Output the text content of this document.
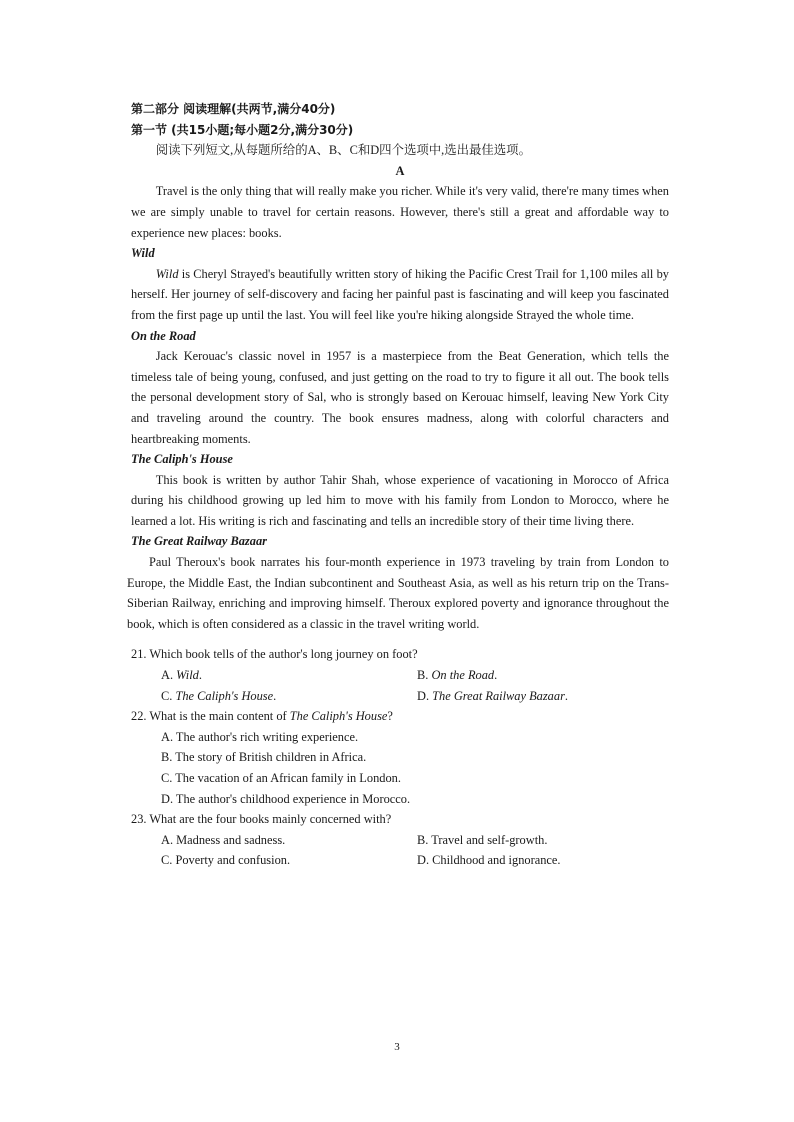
第二部分 阅读理解(共两节,满分40分)
第一节 (共15小题;每小题2分,满分30分)
阅读下列短文,从每题所给的A、B、C和D四个选项中,选出最佳选项。
A

Travel is the only thing that will really make you richer. While it's very valid, there're many times when we are simply unable to travel for certain reasons. However, there's still a great and affordable way to experience new places: books.

Wild

Wild is Cheryl Strayed's beautifully written story of hiking the Pacific Crest Trail for 1,100 miles all by herself. Her journey of self-discovery and facing her painful past is fascinating and will keep you fascinated from the first page up until the last. You will feel like you're hiking alongside Strayed the whole time.

On the Road

Jack Kerouac's classic novel in 1957 is a masterpiece from the Beat Generation, which tells the timeless tale of being young, confused, and just getting on the road to try to figure it all out. The book tells the personal development story of Sal, who is strongly based on Kerouac himself, leaving New York City and traveling around the country. The book ensures madness, along with colorful characters and heartbreaking moments.

The Caliph's House

This book is written by author Tahir Shah, whose experience of vacationing in Morocco of Africa during his childhood growing up led him to move with his family from London to Morocco, where he learned a lot. His writing is rich and fascinating and tells an incredible story of their time living there.

The Great Railway Bazaar

Paul Theroux's book narrates his four-month experience in 1973 traveling by train from London to Europe, the Middle East, the Indian subcontinent and Southeast Asia, as well as his return trip on the Trans-Siberian Railway, enriching and improving himself. Theroux explored poverty and ignorance throughout the book, which is often considered as a classic in the travel writing world.

21. Which book tells of the author's long journey on foot?

A. Wild.	B. On the Road.
C. The Caliph's House.	D. The Great Railway Bazaar.

22. What is the main content of The Caliph's House?

A. The author's rich writing experience.
B. The story of British children in Africa.
C. The vacation of an African family in London.
D. The author's childhood experience in Morocco.

23. What are the four books mainly concerned with?

A. Madness and sadness.	B. Travel and self-growth.
C. Poverty and confusion.	D. Childhood and ignorance.
3
